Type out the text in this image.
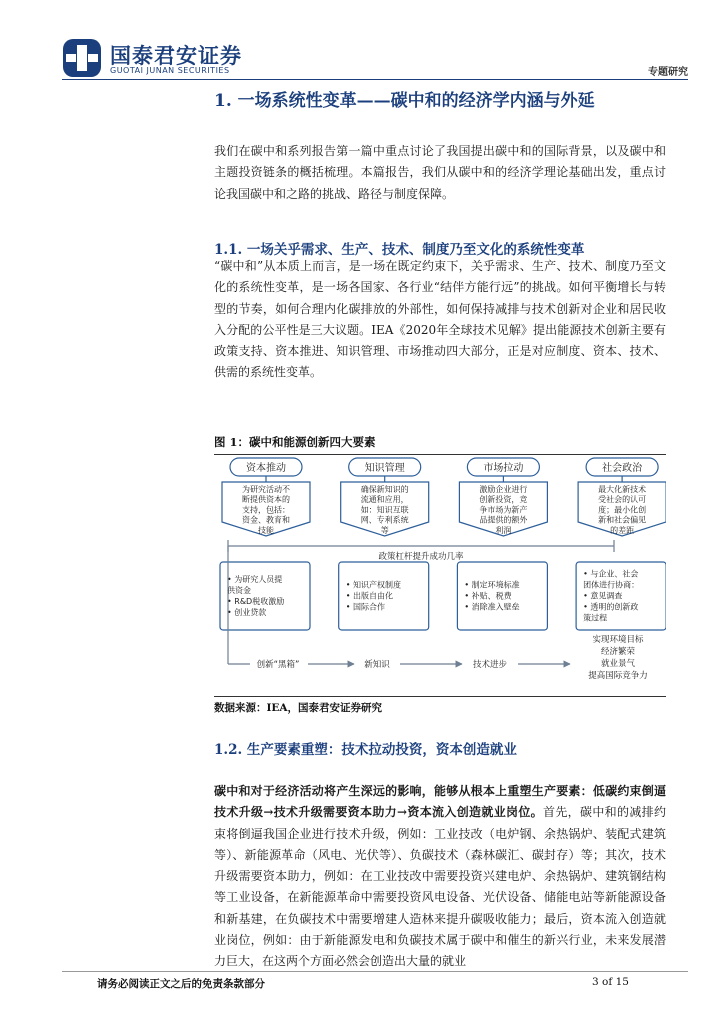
国泰君安证券
GUOTAI JUNAN SECURITIES	专题研究
1. 一场系统性变革——碳中和的经济学内涵与外延
我们在碳中和系列报告第一篇中重点讨论了我国提出碳中和的国际背景，以及碳中和主题投资链条的概括梳理。本篇报告，我们从碳中和的经济学理论基础出发，重点讨论我国碳中和之路的挑战、路径与制度保障。
1.1. 一场关乎需求、生产、技术、制度乃至文化的系统性变革
“碳中和”从本质上而言，是一场在既定约束下，关乎需求、生产、技术、制度乃至文化的系统性变革，是一场各国家、各行业“结伴方能行远”的挑战。如何平衡增长与转型的节奏，如何合理内化碳排放的外部性，如何保持减排与技术创新对企业和居民收入分配的公平性是三大议题。IEA《2020年全球技术见解》提出能源技术创新主要有政策支持、资本推进、知识管理、市场推动四大部分，正是对应制度、资本、技术、供需的系统性变革。
图 1：碳中和能源创新四大要素
资本推动
为研究活动不
断提供资本的
支持，包括：
资金、教育和
技能
• 为研究人员提
供资金
• R&D税收激励
• 创业贷款
知识管理
确保新知识的
流通和应用，
如：知识互联
网、专利系统
等
• 知识产权制度
• 出版自由化
• 国际合作
市场拉动
激励企业进行
创新投资，竞
争市场为新产
品提供的额外
利润
• 制定环境标准
• 补贴、税费
• 消除准入壁垒
社会政治
最大化新技术
受社会的认可
度；最小化创
新和社会偏见
的差距
• 与企业、社会
团体进行协商：
• 意见调查
• 透明的创新政
策过程
政策杠杆提升成功几率
创新“黑箱”	新知识	技术进步
实现环境目标
经济繁荣
就业景气
提高国际竞争力
数据来源：IEA，国泰君安证券研究
1.2. 生产要素重塑：技术拉动投资，资本创造就业
碳中和对于经济活动将产生深远的影响，能够从根本上重塑生产要素：低碳约束倒逼技术升级→技术升级需要资本助力→资本流入创造就业岗位。首先，碳中和的减排约束将倒逼我国企业进行技术升级，例如：工业技改（电炉钢、余热锅炉、装配式建筑等）、新能源革命（风电、光伏等）、负碳技术（森林碳汇、碳封存）等；其次，技术升级需要资本助力，例如：在工业技改中需要投资兴建电炉、余热锅炉、建筑钢结构等工业设备，在新能源革命中需要投资风电设备、光伏设备、储能电站等新能源设备和新基建，在负碳技术中需要增建人造林来提升碳吸收能力；最后，资本流入创造就业岗位，例如：由于新能源发电和负碳技术属于碳中和催生的新兴行业，未来发展潜力巨大，在这两个方面必然会创造出大量的就业
请务必阅读正文之后的免责条款部分	3 of 15
